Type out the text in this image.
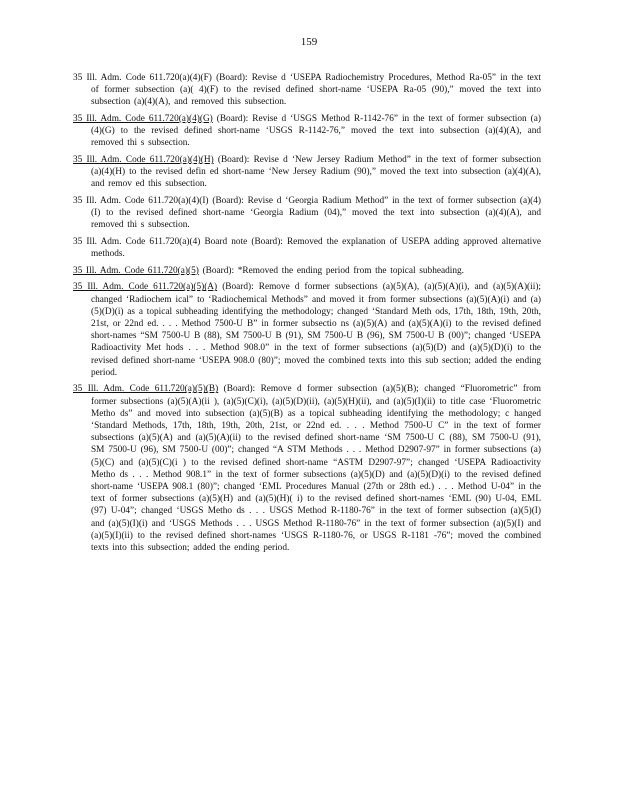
159

35 Ill. Adm. Code 611.720(a)(4)(F) (Board): Revise d ‘USEPA Radiochemistry Procedures, Method Ra-05” in the text of former subsection (a)( 4)(F) to the revised defined short-name ‘USEPA Ra-05 (90),” moved the text into subsection (a)(4)(A), and removed this subsection.

35 Ill. Adm. Code 611.720(a)(4)(G) (Board): Revise d ‘USGS Method R-1142-76” in the text of former subsection (a)(4)(G) to the revised defined short-name ‘USGS R-1142-76,” moved the text into subsection (a)(4)(A), and removed thi s subsection.

35 Ill. Adm. Code 611.720(a)(4)(H) (Board): Revise d ‘New Jersey Radium Method” in the text of former subsection (a)(4)(H) to the revised defin ed short-name ‘New Jersey Radium (90),” moved the text into subsection (a)(4)(A), and remov ed this subsection.

35 Ill. Adm. Code 611.720(a)(4)(I) (Board): Revise d ‘Georgia Radium Method” in the text of former subsection (a)(4)(I) to the revised defined short-name ‘Georgia Radium (04),” moved the text into subsection (a)(4)(A), and removed thi s subsection.

35 Ill. Adm. Code 611.720(a)(4) Board note (Board): Removed the explanation of USEPA adding approved alternative methods.

35 Ill. Adm. Code 611.720(a)(5) (Board): *Removed the ending period from the topical subheading.

35 Ill. Adm. Code 611.720(a)(5)(A) (Board): Remove d former subsections (a)(5)(A), (a)(5)(A)(i), and (a)(5)(A)(ii); changed ‘Radiochem ical” to ‘Radiochemical Methods” and moved it from former subsections (a)(5)(A)(i) and (a)(5)(D)(i) as a topical subheading identifying the methodology; changed ‘Standard Meth ods, 17th, 18th, 19th, 20th, 21st, or 22nd ed. . . . Method 7500-U B” in former subsectio ns (a)(5)(A) and (a)(5)(A)(i) to the revised defined short-names “SM 7500-U B (88), SM 7500-U B (91), SM 7500-U B (96), SM 7500-U B (00)”; changed ‘USEPA Radioactivity Met hods . . . Method 908.0” in the text of former subsections (a)(5)(D) and (a)(5)(D)(i) to the revised defined short-name ‘USEPA 908.0 (80)”; moved the combined texts into this sub section; added the ending period.

35 Ill. Adm. Code 611.720(a)(5)(B) (Board): Remove d former subsection (a)(5)(B); changed “Fluorometric” from former subsections (a)(5)(A)(ii ), (a)(5)(C)(i), (a)(5)(D)(ii), (a)(5)(H)(ii), and (a)(5)(I)(ii) to title case ‘Fluorometric Metho ds” and moved into subsection (a)(5)(B) as a topical subheading identifying the methodology; c hanged ‘Standard Methods, 17th, 18th, 19th, 20th, 21st, or 22nd ed. . . . Method 7500-U C” in the text of former subsections (a)(5)(A) and (a)(5)(A)(ii) to the revised defined short-name ‘SM 7500-U C (88), SM 7500-U (91), SM 7500-U (96), SM 7500-U (00)”; changed “A STM Methods . . . Method D2907-97” in former subsections (a)(5)(C) and (a)(5)(C)(i ) to the revised defined short-name “ASTM D2907-97”; changed ‘USEPA Radioactivity Metho ds . . . Method 908.1” in the text of former subsections (a)(5)(D) and (a)(5)(D)(i) to the revised defined short-name ‘USEPA 908.1 (80)”; changed ‘EML Procedures Manual (27th or 28th ed.) . . . Method U-04” in the text of former subsections (a)(5)(H) and (a)(5)(H)( i) to the revised defined short-names ‘EML (90) U-04, EML (97) U-04”; changed ‘USGS Metho ds . . . USGS Method R-1180-76” in the text of former subsection (a)(5)(I) and (a)(5)(I)(i) and ‘USGS Methods . . . USGS Method R-1180-76” in the text of former subsection (a)(5)(I) and (a)(5)(I)(ii) to the revised defined short-names ‘USGS R-1180-76, or USGS R-1181 -76”; moved the combined texts into this subsection; added the ending period.
